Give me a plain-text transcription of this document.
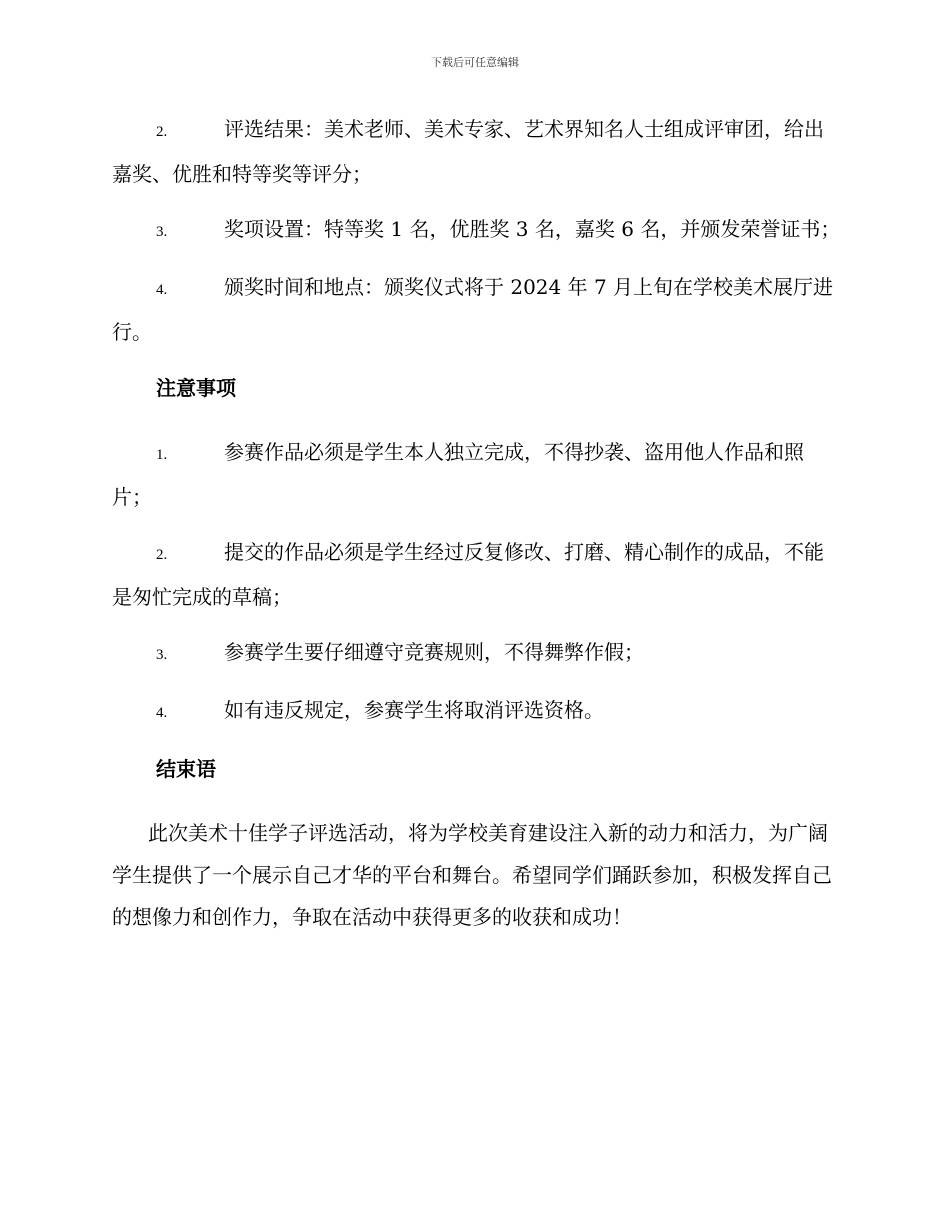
下载后可任意编辑

2.	评选结果：美术老师、美术专家、艺术界知名人士组成评审团，给出嘉奖、优胜和特等奖等评分；

3.	奖项设置：特等奖 1 名，优胜奖 3 名，嘉奖 6 名，并颁发荣誉证书；

4.	颁奖时间和地点：颁奖仪式将于 2024 年 7 月上旬在学校美术展厅进行。

注意事项

1.	参赛作品必须是学生本人独立完成，不得抄袭、盗用他人作品和照片；

2.	提交的作品必须是学生经过反复修改、打磨、精心制作的成品，不能是匆忙完成的草稿；

3.	参赛学生要仔细遵守竞赛规则，不得舞弊作假；

4.	如有违反规定，参赛学生将取消评选资格。

结束语

此次美术十佳学子评选活动，将为学校美育建设注入新的动力和活力，为广阔学生提供了一个展示自己才华的平台和舞台。希望同学们踊跃参加，积极发挥自己的想像力和创作力，争取在活动中获得更多的收获和成功！
